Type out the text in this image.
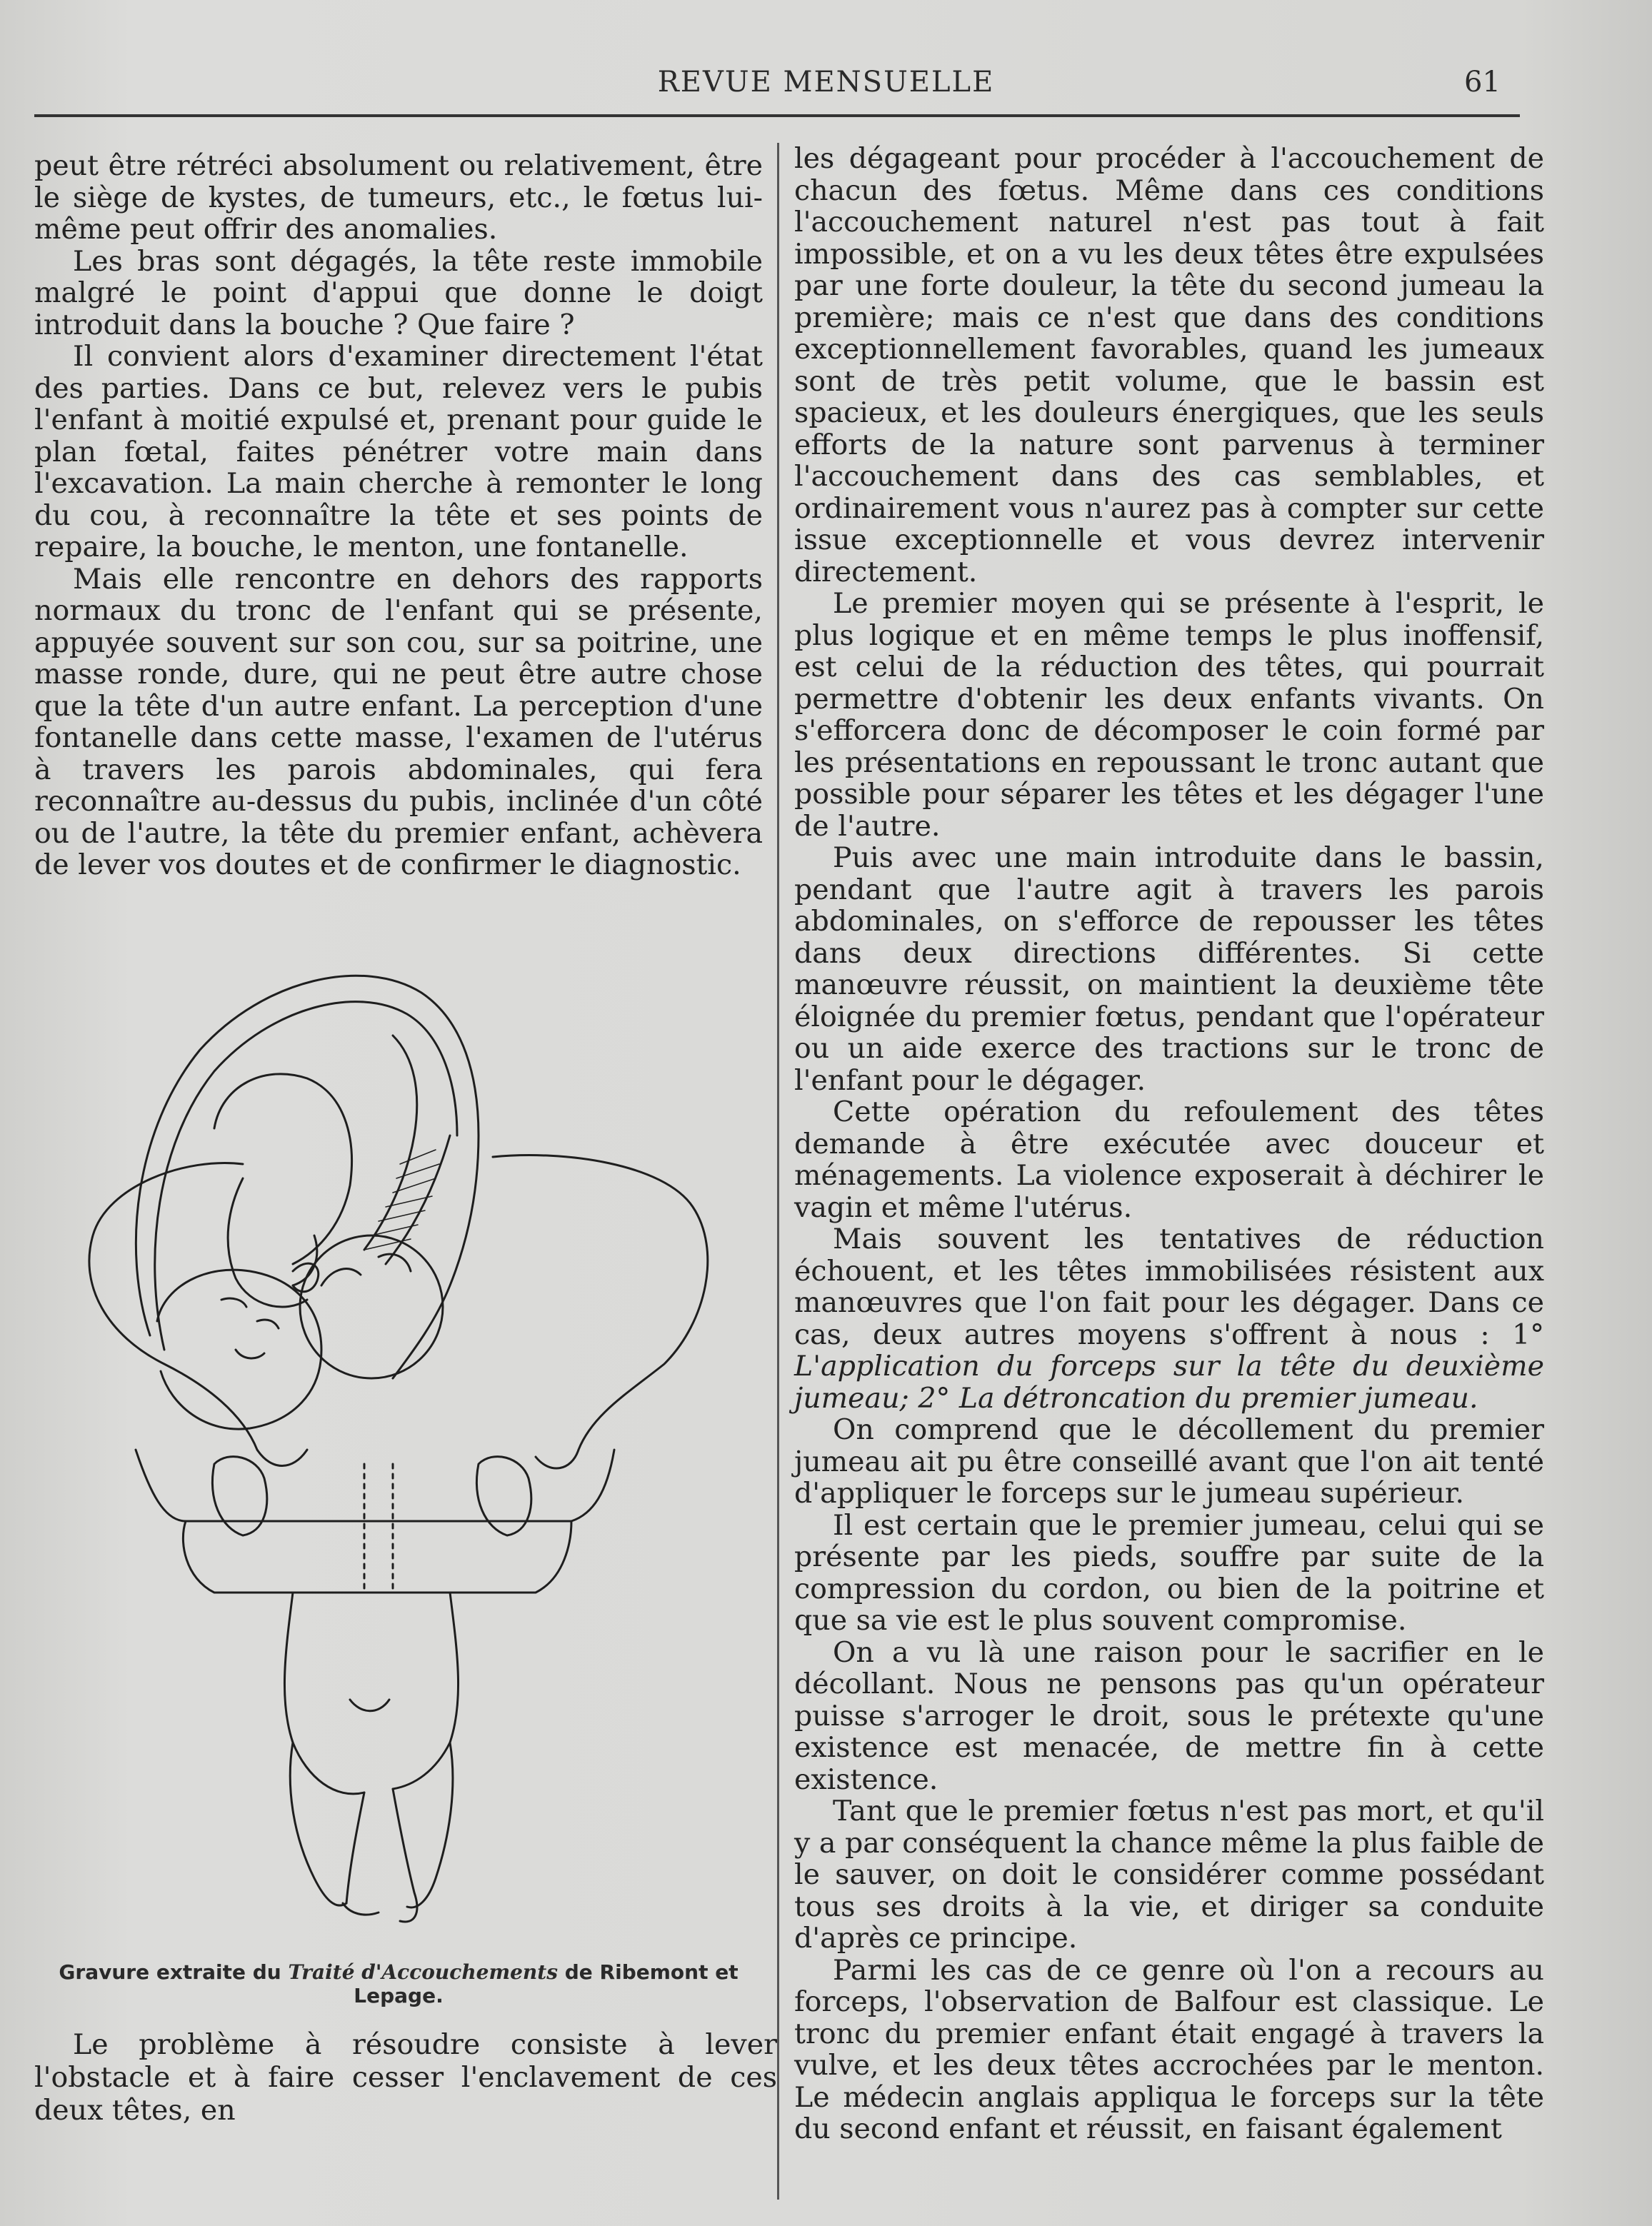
REVUE MENSUELLE	61

peut être rétréci absolument ou relativement, être le siège de kystes, de tumeurs, etc., le fœtus lui-même peut offrir des anomalies.

Les bras sont dégagés, la tête reste immobile malgré le point d'appui que donne le doigt introduit dans la bouche ? Que faire ?

Il convient alors d'examiner directement l'état des parties. Dans ce but, relevez vers le pubis l'enfant à moitié expulsé et, prenant pour guide le plan fœtal, faites pénétrer votre main dans l'excavation. La main cherche à remonter le long du cou, à reconnaître la tête et ses points de repaire, la bouche, le menton, une fontanelle.

Mais elle rencontre en dehors des rapports normaux du tronc de l'enfant qui se présente, appuyée souvent sur son cou, sur sa poitrine, une masse ronde, dure, qui ne peut être autre chose que la tête d'un autre enfant. La perception d'une fontanelle dans cette masse, l'examen de l'utérus à travers les parois abdominales, qui fera reconnaître au-dessus du pubis, inclinée d'un côté ou de l'autre, la tête du premier enfant, achèvera de lever vos doutes et de confirmer le diagnostic.

Gravure extraite du Traité d'Accouchements de Ribemont et Lepage.
Le problème à résoudre consiste à lever l'obstacle et à faire cesser l'enclavement de ces deux têtes, en

les dégageant pour procéder à l'accouchement de chacun des fœtus. Même dans ces conditions l'accouchement naturel n'est pas tout à fait impossible, et on a vu les deux têtes être expulsées par une forte douleur, la tête du second jumeau la première; mais ce n'est que dans des conditions exceptionnellement favorables, quand les jumeaux sont de très petit volume, que le bassin est spacieux, et les douleurs énergiques, que les seuls efforts de la nature sont parvenus à terminer l'accouchement dans des cas semblables, et ordinairement vous n'aurez pas à compter sur cette issue exceptionnelle et vous devrez intervenir directement.

Le premier moyen qui se présente à l'esprit, le plus logique et en même temps le plus inoffensif, est celui de la réduction des têtes, qui pourrait permettre d'obtenir les deux enfants vivants. On s'efforcera donc de décomposer le coin formé par les présentations en repoussant le tronc autant que possible pour séparer les têtes et les dégager l'une de l'autre.

Puis avec une main introduite dans le bassin, pendant que l'autre agit à travers les parois abdominales, on s'efforce de repousser les têtes dans deux directions différentes. Si cette manœuvre réussit, on maintient la deuxième tête éloignée du premier fœtus, pendant que l'opérateur ou un aide exerce des tractions sur le tronc de l'enfant pour le dégager.

Cette opération du refoulement des têtes demande à être exécutée avec douceur et ménagements. La violence exposerait à déchirer le vagin et même l'utérus.

Mais souvent les tentatives de réduction échouent, et les têtes immobilisées résistent aux manœuvres que l'on fait pour les dégager. Dans ce cas, deux autres moyens s'offrent à nous : 1° L'application du forceps sur la tête du deuxième jumeau; 2° La détroncation du premier jumeau.

On comprend que le décollement du premier jumeau ait pu être conseillé avant que l'on ait tenté d'appliquer le forceps sur le jumeau supérieur.

Il est certain que le premier jumeau, celui qui se présente par les pieds, souffre par suite de la compression du cordon, ou bien de la poitrine et que sa vie est le plus souvent compromise.

On a vu là une raison pour le sacrifier en le décollant. Nous ne pensons pas qu'un opérateur puisse s'arroger le droit, sous le prétexte qu'une existence est menacée, de mettre fin à cette existence.

Tant que le premier fœtus n'est pas mort, et qu'il y a par conséquent la chance même la plus faible de le sauver, on doit le considérer comme possédant tous ses droits à la vie, et diriger sa conduite d'après ce principe.

Parmi les cas de ce genre où l'on a recours au forceps, l'observation de Balfour est classique. Le tronc du premier enfant était engagé à travers la vulve, et les deux têtes accrochées par le menton. Le médecin anglais appliqua le forceps sur la tête du second enfant et réussit, en faisant également
